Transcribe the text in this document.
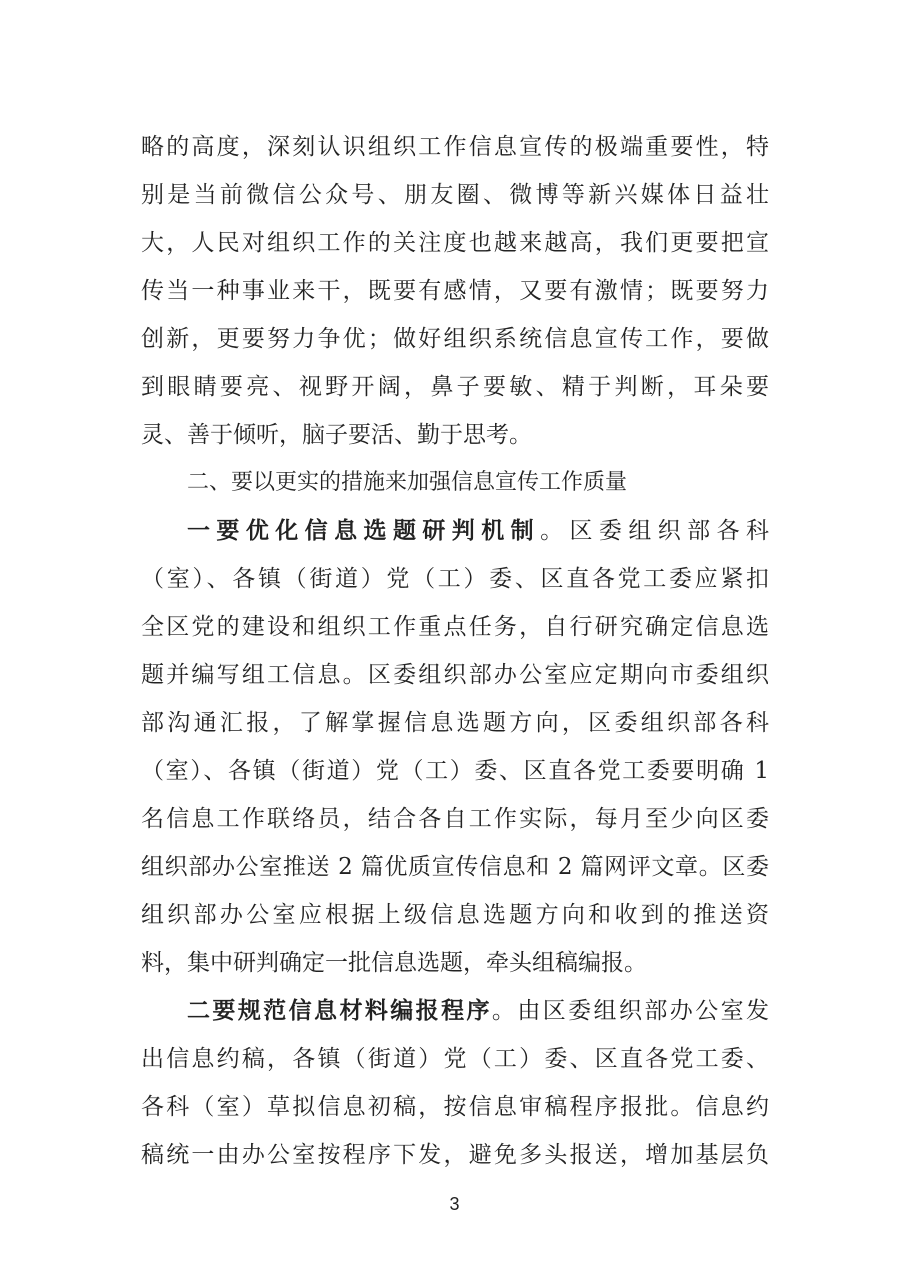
略的高度，深刻认识组织工作信息宣传的极端重要性，特
别是当前微信公众号、朋友圈、微博等新兴媒体日益壮
大，人民对组织工作的关注度也越来越高，我们更要把宣
传当一种事业来干，既要有感情，又要有激情；既要努力
创新，更要努力争优；做好组织系统信息宣传工作，要做
到眼睛要亮、视野开阔，鼻子要敏、精于判断，耳朵要
灵、善于倾听，脑子要活、勤于思考。
二、要以更实的措施来加强信息宣传工作质量
一要优化信息选题研判机制。区委组织部各科
（室）、各镇（街道）党（工）委、区直各党工委应紧扣
全区党的建设和组织工作重点任务，自行研究确定信息选
题并编写组工信息。区委组织部办公室应定期向市委组织
部沟通汇报，了解掌握信息选题方向，区委组织部各科
（室）、各镇（街道）党（工）委、区直各党工委要明确 1
名信息工作联络员，结合各自工作实际，每月至少向区委
组织部办公室推送 2 篇优质宣传信息和 2 篇网评文章。区委
组织部办公室应根据上级信息选题方向和收到的推送资
料，集中研判确定一批信息选题，牵头组稿编报。
二要规范信息材料编报程序。由区委组织部办公室发
出信息约稿，各镇（街道）党（工）委、区直各党工委、
各科（室）草拟信息初稿，按信息审稿程序报批。信息约
稿统一由办公室按程序下发，避免多头报送，增加基层负
3
